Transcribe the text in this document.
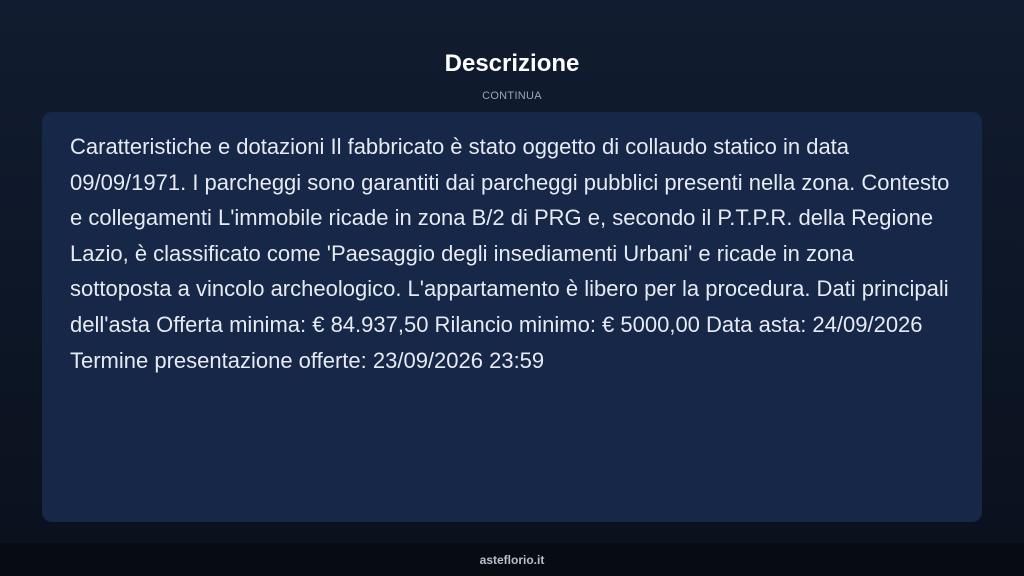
Descrizione
CONTINUA

Caratteristiche e dotazioni Il fabbricato è stato oggetto di collaudo statico in data 09/09/1971. I parcheggi sono garantiti dai parcheggi pubblici presenti nella zona. Contesto e collegamenti L'immobile ricade in zona B/2 di PRG e, secondo il P.T.P.R. della Regione Lazio, è classificato come 'Paesaggio degli insediamenti Urbani' e ricade in zona sottoposta a vincolo archeologico. L'appartamento è libero per la procedura. Dati principali dell'asta Offerta minima: € 84.937,50 Rilancio minimo: € 5000,00 Data asta: 24/09/2026 Termine presentazione offerte: 23/09/2026 23:59

asteflorio.it
